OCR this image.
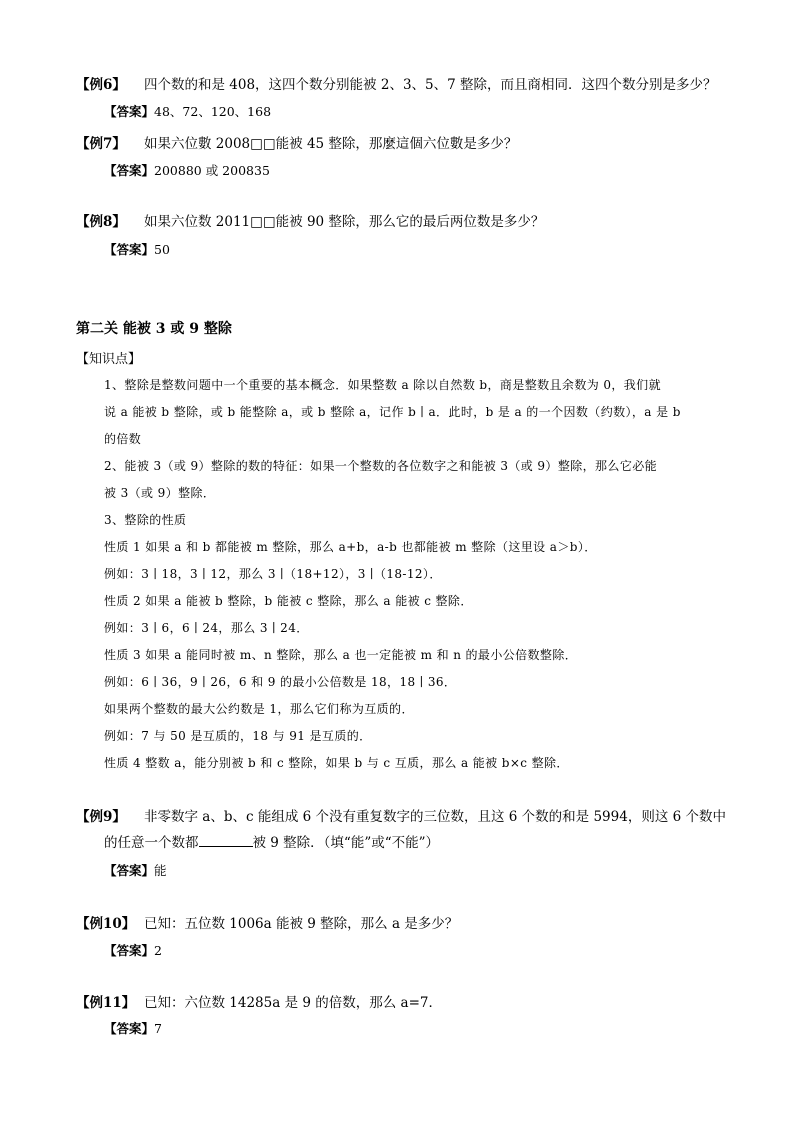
【例6】 四个数的和是 408，这四个数分别能被 2、3、5、7 整除，而且商相同．这四个数分别是多少？
【答案】48、72、120、168
【例7】 如果六位數 2008□□能被 45 整除，那麼這個六位數是多少？
【答案】200880 或 200835
【例8】 如果六位数 2011□□能被 90 整除，那么它的最后两位数是多少？
【答案】50
第二关 能被 3 或 9 整除
【知识点】
1、整除是整数问题中一个重要的基本概念．如果整数 a 除以自然数 b，商是整数且余数为 0，我们就
说 a 能被 b 整除，或 b 能整除 a，或 b 整除 a，记作 b ∣ a．此时，b 是 a 的一个因数（约数），a 是 b
的倍数
2、能被 3（或 9）整除的数的特征：如果一个整数的各位数字之和能被 3（或 9）整除，那么它必能
被 3（或 9）整除．
3、整除的性质
性质 1 如果 a 和 b 都能被 m 整除，那么 a+b，a-b 也都能被 m 整除（这里设 a＞b）．
例如：3 ∣ 18，3 ∣ 12，那么 3 ∣（18+12），3 ∣（18-12）．
性质 2 如果 a 能被 b 整除，b 能被 c 整除，那么 a 能被 c 整除．
例如：3 ∣ 6，6 ∣ 24，那么 3 ∣ 24．
性质 3 如果 a 能同时被 m、n 整除，那么 a 也一定能被 m 和 n 的最小公倍数整除．
例如：6 ∣ 36，9 ∣ 26，6 和 9 的最小公倍数是 18，18 ∣ 36．
如果两个整数的最大公约数是 1，那么它们称为互质的．
例如：7 与 50 是互质的，18 与 91 是互质的．
性质 4 整数 a，能分别被 b 和 c 整除，如果 b 与 c 互质，那么 a 能被 b×c 整除．
【例9】 非零数字 a、b、c 能组成 6 个没有重复数字的三位数，且这 6 个数的和是 5994，则这 6 个数中
的任意一个数都	被 9 整除．（填“能”或“不能”）
【答案】能
【例10】 已知：五位数 1006a 能被 9 整除，那么 a 是多少？
【答案】2
【例11】 已知：六位数 14285a 是 9 的倍数，那么 a=7．
【答案】7
